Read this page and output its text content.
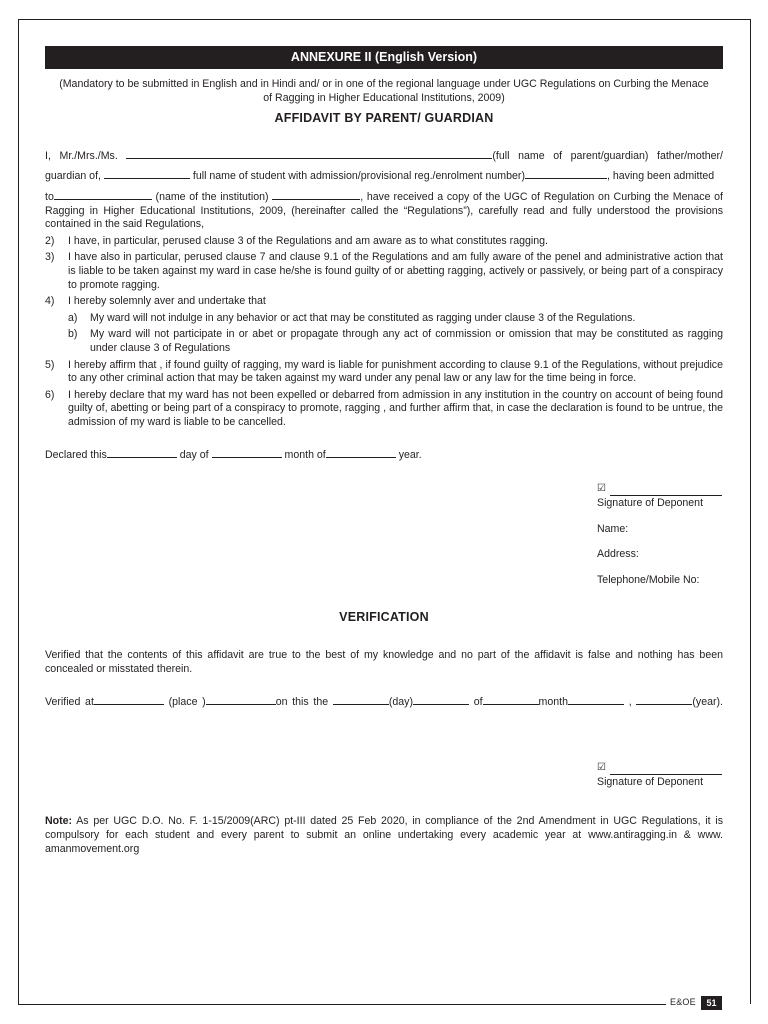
E&OE	51
ANNEXURE II (English Version)
(Mandatory to be submitted in English and in Hindi and/ or in one of the regional language under UGC Regulations on Curbing the Menace of Ragging in Higher Educational Institutions, 2009)
AFFIDAVIT BY PARENT/ GUARDIAN
I, Mr./Mrs./Ms.	(full name of parent/guardian) father/mother/
guardian of,	full name of student with admission/provisional reg./enrolment number)	, having been admitted
to	(name of the institution)	, have received a copy of the UGC of Regulation on Curbing the Menace of Ragging in Higher Educational Institutions, 2009, (hereinafter called the “Regulations”), carefully read and fully understood the provisions contained in the said Regulations,
2)	I have, in particular, perused clause 3 of the Regulations and am aware as to what constitutes ragging.
3)	I have also in particular, perused clause 7 and clause 9.1 of the Regulations and am fully aware of the penel and administrative action that is liable to be taken against my ward in case he/she is found guilty of or abetting ragging, actively or passively, or being part of a conspiracy to promote ragging.
4)	I hereby solemnly aver and undertake that
a)	My ward will not indulge in any behavior or act that may be constituted as ragging under clause 3 of the Regulations.
b)	My ward will not participate in or abet or propagate through any act of commission or omission that may be constituted as ragging under clause 3 of Regulations
5)	I hereby affirm that , if found guilty of ragging, my ward is liable for punishment according to clause 9.1 of the Regulations, without prejudice to any other criminal action that may be taken against my ward under any penal law or any law for the time being in force.
6)	I hereby declare that my ward has not been expelled or debarred from admission in any institution in the country on account of being found guilty of, abetting or being part of a conspiracy to promote, ragging , and further affirm that, in case the declaration is found to be untrue, the admission of my ward is liable to be cancelled.
Declared this	day of	month of	year.
☑
Signature of Deponent
Name:
Address:
Telephone/Mobile No:
VERIFICATION
Verified that the contents of this affidavit are true to the best of my knowledge and no part of the affidavit is false and nothing has been concealed or misstated therein.
Verified at	(place )	on this the	(day)	of	month	,	(year).
☑
Signature of Deponent
Note: As per UGC D.O. No. F. 1-15/2009(ARC) pt-III dated 25 Feb 2020, in compliance of the 2nd Amendment in UGC Regulations, it is compulsory for each student and every parent to submit an online undertaking every academic year at www.antiragging.in & www. amanmovement.org
